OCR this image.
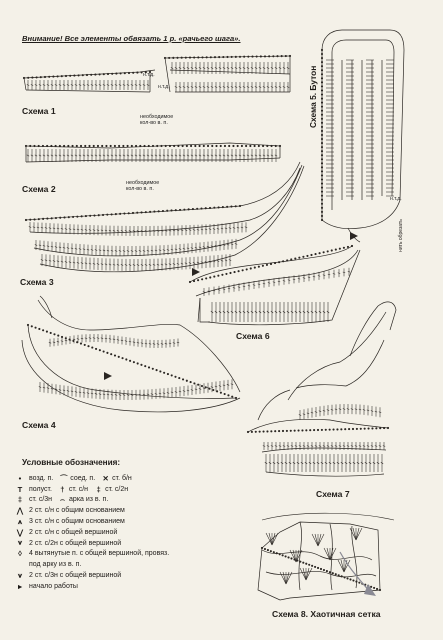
Внимание! Все элементы обвязать 1 р. «рачьего шага».
Схема 1
Схема 2
Схема 3
Схема 4
Схема 5. Бутон
Схема 6
Схема 7
Схема 8. Хаотичная сетка
н.т.д.
н.т.д.
необходимое
кол-во в. п.
необходимое
кол-во в. п.
н.т.д.
нить обрезать
Условные обозначения:
•	возд. п. ⌒ соед. п. ✕ ст. б/н
T полуст.	† ст. с/н	‡ ст. с/2н
‡ ст. с/3н ⌢ арка из в. п.
⋀ 2 ст. с/н с общим основанием
⩚ 3 ст. с/н с общим основанием
⋁ 2 ст. с/н с общей вершиной
⩛ 2 ст. с/2н с общей вершиной
◊	4 вытянутые п. с общей вершиной, провяз.
под арку из в. п.
⩛ 2 ст. с/3н с общей вершиной
▸	начало работы
